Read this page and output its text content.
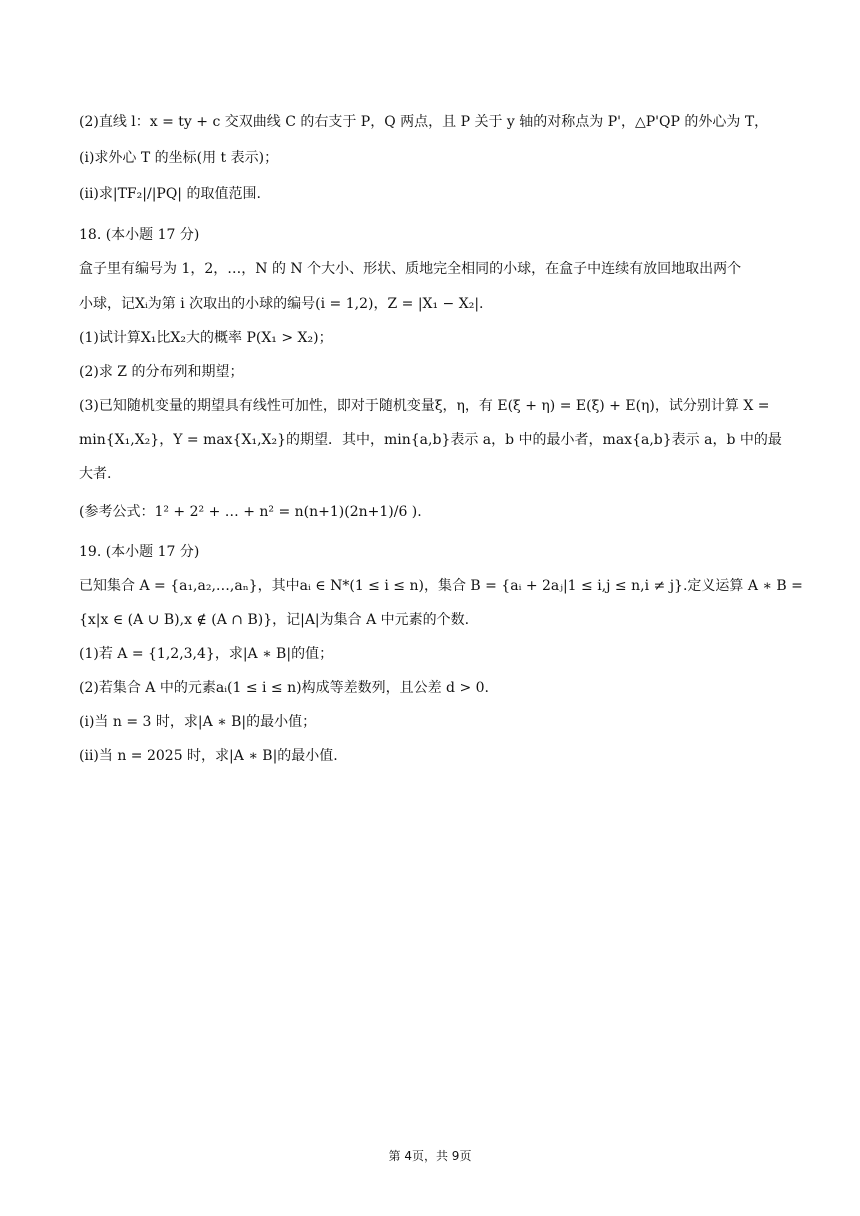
(2)直线 l：x = ty + c 交双曲线 C 的右支于 P，Q 两点，且 P 关于 y 轴的对称点为 P'，△P'QP 的外心为 T，
(ⅰ)求外心 T 的坐标(用 t 表示)；
(ⅱ)求|TF₂|/|PQ| 的取值范围.
18. (本小题 17 分)
盒子里有编号为 1，2，…，N 的 N 个大小、形状、质地完全相同的小球，在盒子中连续有放回地取出两个
小球，记Xᵢ为第 i 次取出的小球的编号(i = 1,2)，Z = |X₁ − X₂|.
(1)试计算X₁比X₂大的概率 P(X₁ > X₂)；
(2)求 Z 的分布列和期望；
(3)已知随机变量的期望具有线性可加性，即对于随机变量ξ，η，有 E(ξ + η) = E(ξ) + E(η)，试分别计算 X =
min{X₁,X₂}，Y = max{X₁,X₂}的期望．其中，min{a,b}表示 a，b 中的最小者，max{a,b}表示 a，b 中的最
大者.
(参考公式：1² + 2² + … + n² = n(n+1)(2n+1)/6 ).
19. (本小题 17 分)
已知集合 A = {a₁,a₂,…,aₙ}，其中aᵢ ∈ N*(1 ≤ i ≤ n)，集合 B = {aᵢ + 2aⱼ|1 ≤ i,j ≤ n,i ≠ j}.定义运算 A ∗ B =
{x|x ∈ (A ∪ B),x ∉ (A ∩ B)}，记|A|为集合 A 中元素的个数.
(1)若 A = {1,2,3,4}，求|A ∗ B|的值；
(2)若集合 A 中的元素aᵢ(1 ≤ i ≤ n)构成等差数列，且公差 d > 0.
(ⅰ)当 n = 3 时，求|A ∗ B|的最小值；
(ⅱ)当 n = 2025 时，求|A ∗ B|的最小值.
第 4页，共 9页
